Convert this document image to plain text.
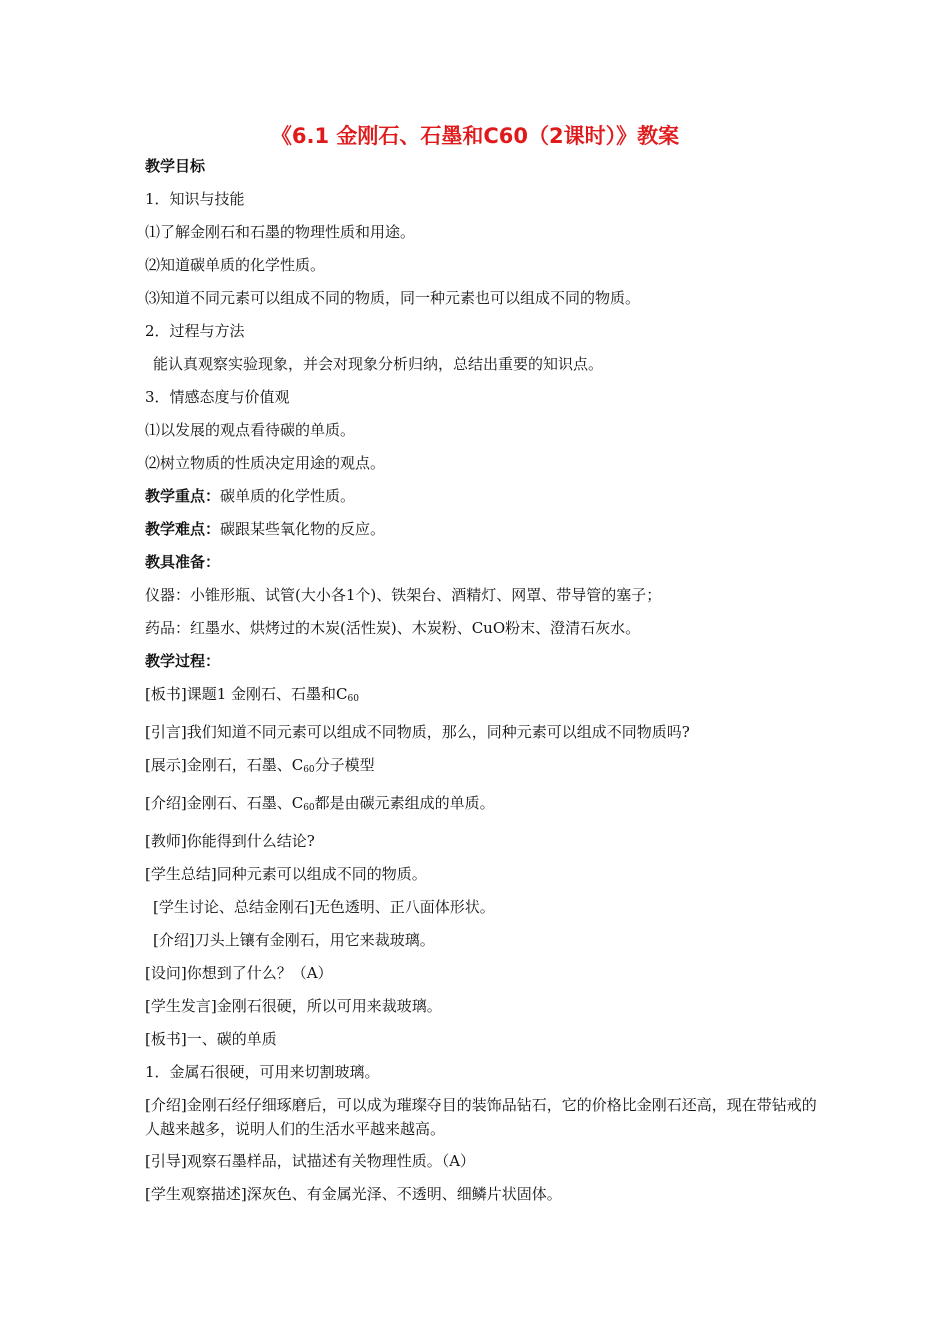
《6.1 金刚石、石墨和C60（2课时）》教案
教学目标
1．知识与技能
⑴了解金刚石和石墨的物理性质和用途。
⑵知道碳单质的化学性质。
⑶知道不同元素可以组成不同的物质，同一种元素也可以组成不同的物质。
2．过程与方法
能认真观察实验现象，并会对现象分析归纳，总结出重要的知识点。
3．情感态度与价值观
⑴以发展的观点看待碳的单质。
⑵树立物质的性质决定用途的观点。
教学重点：碳单质的化学性质。
教学难点：碳跟某些氧化物的反应。
教具准备：
仪器：小锥形瓶、试管(大小各1个)、铁架台、酒精灯、网罩、带导管的塞子；
药品：红墨水、烘烤过的木炭(活性炭)、木炭粉、CuO粉末、澄清石灰水。
教学过程：
[板书]课题1 金刚石、石墨和$C_{60}$
[引言]我们知道不同元素可以组成不同物质，那么，同种元素可以组成不同物质吗?
[展示]金刚石，石墨、$C_{60}$分子模型
[介绍]金刚石、石墨、$C_{60}$都是由碳元素组成的单质。
[教师]你能得到什么结论?
[学生总结]同种元素可以组成不同的物质。
[学生讨论、总结金刚石]无色透明、正八面体形状。
[介绍]刀头上镶有金刚石，用它来裁玻璃。
[设问]你想到了什么？（A）
[学生发言]金刚石很硬，所以可用来裁玻璃。
[板书]一、碳的单质
1．金属石很硬，可用来切割玻璃。
[介绍]金刚石经仔细琢磨后，可以成为璀璨夺目的装饰品钻石，它的价格比金刚石还高，现在带钻戒的人越来越多，说明人们的生活水平越来越高。
[引导]观察石墨样品，试描述有关物理性质。（A）
[学生观察描述]深灰色、有金属光泽、不透明、细鳞片状固体。
